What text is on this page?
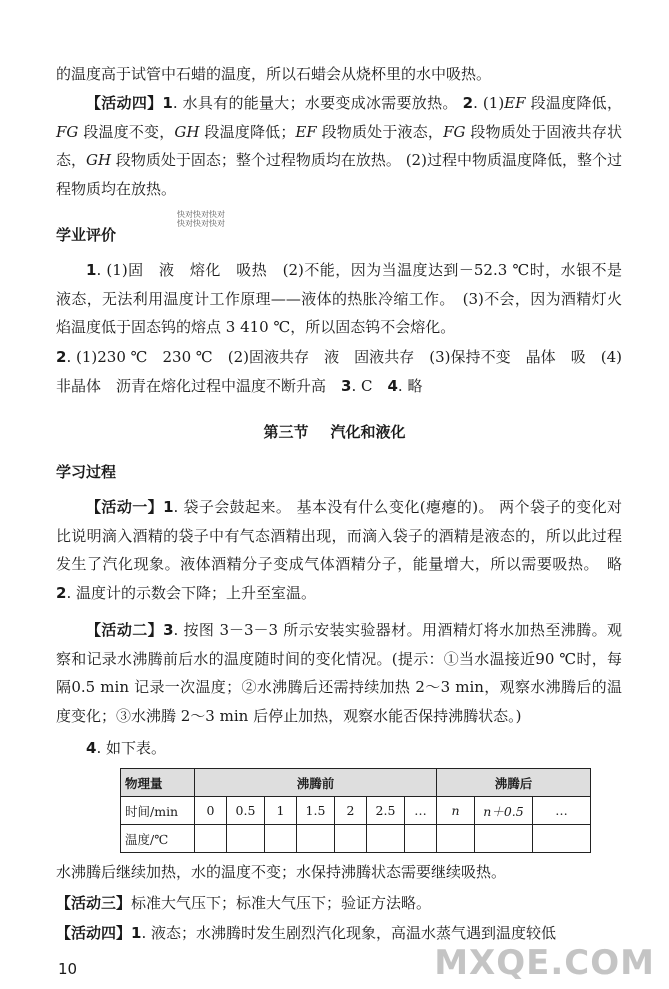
的温度高于试管中石蜡的温度，所以石蜡会从烧杯里的水中吸热。

【活动四】1. 水具有的能量大；水要变成冰需要放热。 2. (1)EF 段温度降低，FG 段温度不变，GH 段温度降低；EF 段物质处于液态，FG 段物质处于固液共存状态，GH 段物质处于固态；整个过程物质均在放热。 (2)过程中物质温度降低，整个过程物质均在放热。

快对快对快对
快对快对快对

学业评价

1. (1)固　液　熔化　吸热　(2)不能，因为当温度达到－52.3 ℃时，水银不是液态，无法利用温度计工作原理——液体的热胀冷缩工作。　(3)不会，因为酒精灯火焰温度低于固态钨的熔点 3 410 ℃，所以固态钨不会熔化。

2. (1)230 ℃　230 ℃　(2)固液共存　液　固液共存　(3)保持不变　晶体　吸　(4)非晶体　沥青在熔化过程中温度不断升高　3. C　4. 略

第三节 汽化和液化

学习过程

【活动一】1. 袋子会鼓起来。 基本没有什么变化(瘪瘪的)。 两个袋子的变化对比说明滴入酒精的袋子中有气态酒精出现，而滴入袋子的酒精是液态的，所以此过程发生了汽化现象。液体酒精分子变成气体酒精分子，能量增大，所以需要吸热。　略　2. 温度计的示数会下降；上升至室温。

【活动二】3. 按图 3－3－3 所示安装实验器材。用酒精灯将水加热至沸腾。观察和记录水沸腾前后水的温度随时间的变化情况。(提示：①当水温接近90 ℃时，每隔0.5 min 记录一次温度；②水沸腾后还需持续加热 2～3 min，观察水沸腾后的温度变化；③水沸腾 2～3 min 后停止加热，观察水能否保持沸腾状态。)

4. 如下表。

物理量	沸腾前							沸腾后		
时间/min	0	0.5	1	1.5	2	2.5	…	n	n＋0.5	…
温度/℃										

水沸腾后继续加热，水的温度不变；水保持沸腾状态需要继续吸热。

【活动三】标准大气压下；标准大气压下；验证方法略。

【活动四】1. 液态；水沸腾时发生剧烈汽化现象，高温水蒸气遇到温度较低

10	MXQE.COM
